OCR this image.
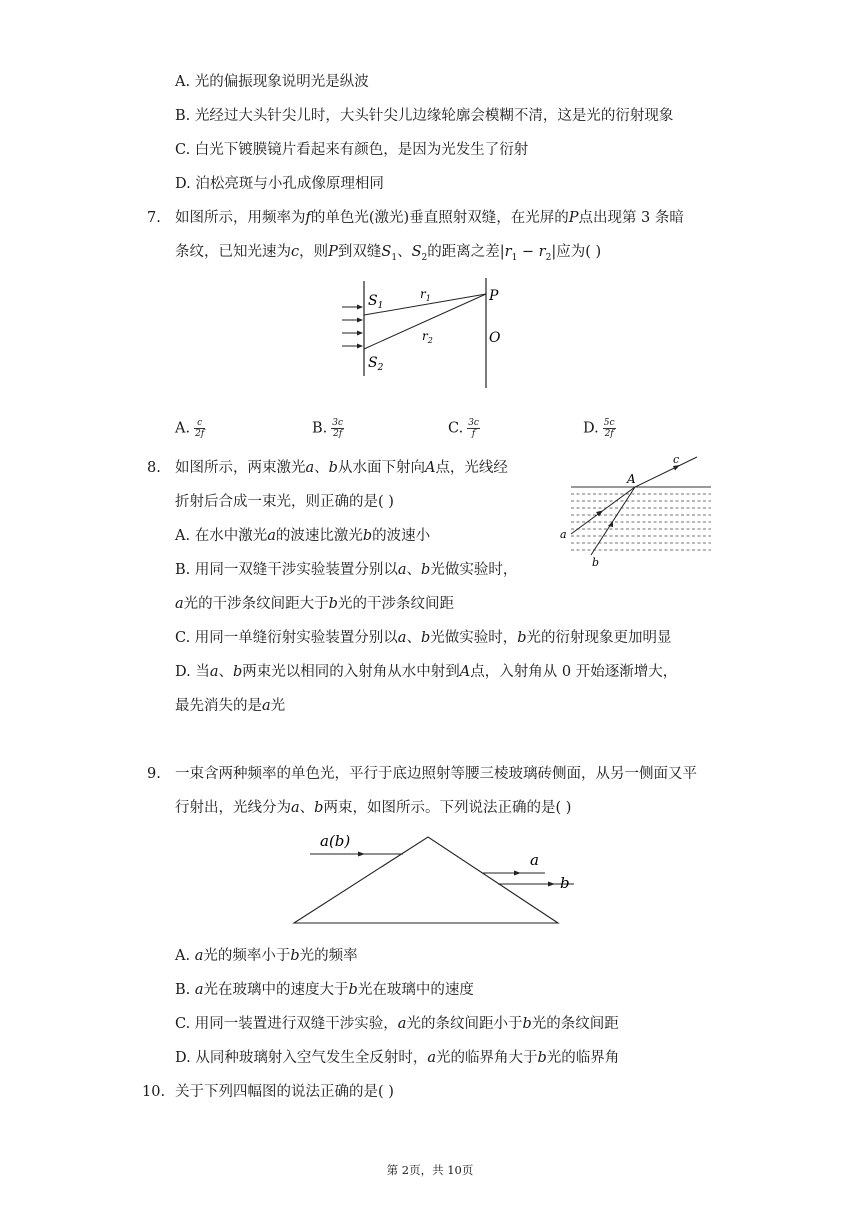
A. 光的偏振现象说明光是纵波
B. 光经过大头针尖儿时，大头针尖儿边缘轮廓会模糊不清，这是光的衍射现象
C. 白光下镀膜镜片看起来有颜色，是因为光发生了衍射
D. 泊松亮斑与小孔成像原理相同
7. 如图所示，用频率为f的单色光(激光)垂直照射双缝，在光屏的P点出现第 3 条暗
条纹，已知光速为c，则P到双缝$S_1$、$S_2$的距离之差$|r_1 - r_2|$应为( )
$S_1$
$S_2$
$r_1$
$r_2$
P
O
A. $\frac{c}{2f}$	B. $\frac{3c}{2f}$	C. $\frac{3c}{f}$	D. $\frac{5c}{2f}$
8. 如图所示，两束激光a、b从水面下射向A点，光线经
折射后合成一束光，则正确的是( )
A
c
a
b
A. 在水中激光a的波速比激光b的波速小
B. 用同一双缝干涉实验装置分别以a、b光做实验时，
a光的干涉条纹间距大于b光的干涉条纹间距
C. 用同一单缝衍射实验装置分别以a、b光做实验时，b光的衍射现象更加明显
D. 当a、b两束光以相同的入射角从水中射到A点，入射角从 0 开始逐渐增大，
最先消失的是a光
9. 一束含两种频率的单色光，平行于底边照射等腰三棱玻璃砖侧面，从另一侧面又平
行射出，光线分为a、b两束，如图所示。下列说法正确的是( )
a(b)
a
b
A. a光的频率小于b光的频率
B. a光在玻璃中的速度大于b光在玻璃中的速度
C. 用同一装置进行双缝干涉实验，a光的条纹间距小于b光的条纹间距
D. 从同种玻璃射入空气发生全反射时，a光的临界角大于b光的临界角
10. 关于下列四幅图的说法正确的是( )
第 2页，共 10页
